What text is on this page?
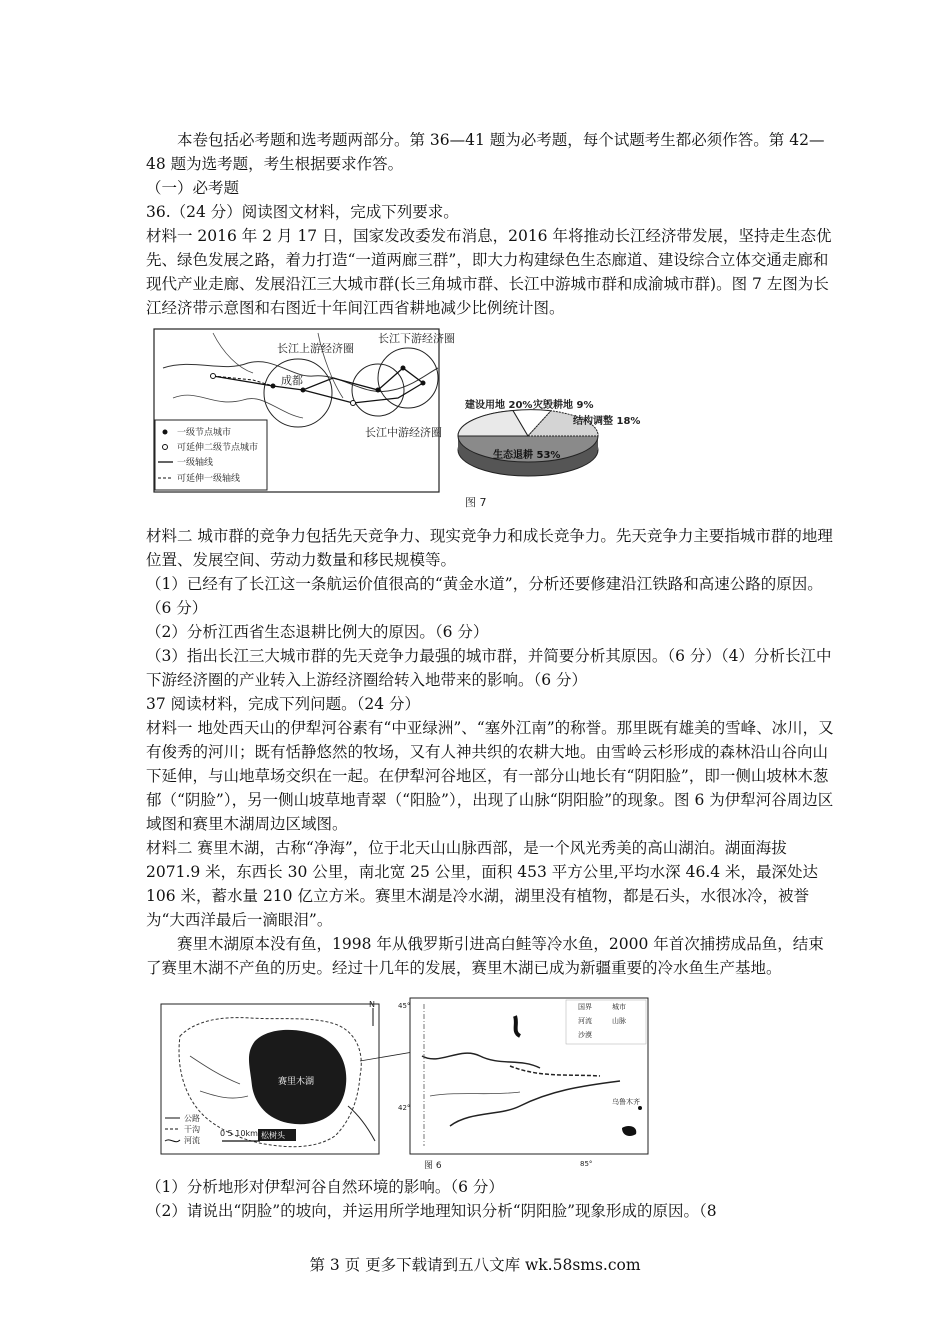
本卷包括必考题和选考题两部分。第 36—41 题为必考题，每个试题考生都必须作答。第 42—48 题为选考题，考生根据要求作答。

（一）必考题

36.（24 分）阅读图文材料，完成下列要求。

材料一 2016 年 2 月 17 日，国家发改委发布消息，2016 年将推动长江经济带发展，坚持走生态优先、绿色发展之路，着力打造“一道两廊三群”，即大力构建绿色生态廊道、建设综合立体交通走廊和现代产业走廊、发展沿江三大城市群(长三角城市群、长江中游城市群和成渝城市群)。图 7 左图为长江经济带示意图和右图近十年间江西省耕地减少比例统计图。

长江上游经济圈
长江下游经济圈
长江中游经济圈
成都
一级节点城市
可延伸二级节点城市
一级轴线
可延伸一级轴线
建设用地 20% 灾毁耕地 9%
结构调整 18%
生态退耕 53%
图 7

材料二 城市群的竞争力包括先天竞争力、现实竞争力和成长竞争力。先天竞争力主要指城市群的地理位置、发展空间、劳动力数量和移民规模等。

（1）已经有了长江这一条航运价值很高的“黄金水道”，分析还要修建沿江铁路和高速公路的原因。（6 分）

（2）分析江西省生态退耕比例大的原因。（6 分）

（3）指出长江三大城市群的先天竞争力最强的城市群，并简要分析其原因。（6 分）（4）分析长江中下游经济圈的产业转入上游经济圈给转入地带来的影响。（6 分）

37 阅读材料，完成下列问题。（24 分）

材料一 地处西天山的伊犁河谷素有“中亚绿洲”、“塞外江南”的称誉。那里既有雄美的雪峰、冰川，又有俊秀的河川；既有恬静悠然的牧场，又有人神共织的农耕大地。由雪岭云杉形成的森林沿山谷向山下延伸，与山地草场交织在一起。在伊犁河谷地区，有一部分山地长有“阴阳脸”，即一侧山坡林木葱郁（“阴脸”），另一侧山坡草地青翠（“阳脸”），出现了山脉“阴阳脸”的现象。图 6 为伊犁河谷周边区域图和赛里木湖周边区域图。

材料二 赛里木湖，古称“净海”，位于北天山山脉西部，是一个风光秀美的高山湖泊。湖面海拔 2071.9 米，东西长 30 公里，南北宽 25 公里，面积 453 平方公里,平均水深 46.4 米，最深处达 106 米，蓄水量 210 亿立方米。赛里木湖是冷水湖，湖里没有植物，都是石头，水很冰冷，被誉为“大西洋最后一滴眼泪”。

赛里木湖原本没有鱼，1998 年从俄罗斯引进高白鲑等冷水鱼，2000 年首次捕捞成品鱼，结束了赛里木湖不产鱼的历史。经过十几年的发展，赛里木湖已成为新疆重要的冷水鱼生产基地。

赛里木湖
松树头
公路
干沟
河流
0 5 10km
N
乌鲁木齐
45°
42°
85°
国界	城市
河流	山脉
沙漠
图 6

（1）分析地形对伊犁河谷自然环境的影响。（6 分）

（2）请说出“阴脸”的坡向，并运用所学地理知识分析“阴阳脸”现象形成的原因。（8

第 3 页 更多下载请到五八文库 wk.58sms.com
